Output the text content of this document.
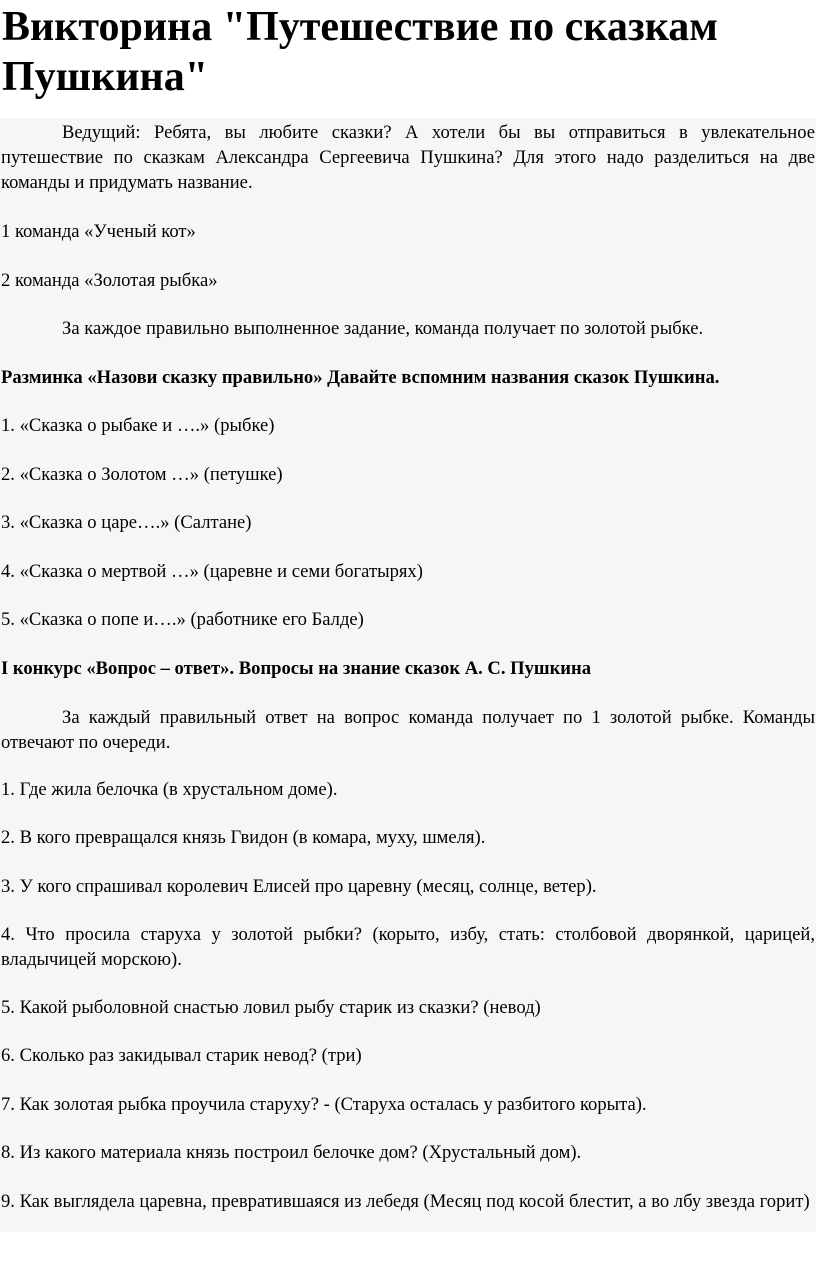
Викторина "Путешествие по сказкам Пушкина"

Ведущий: Ребята, вы любите сказки? А хотели бы вы отправиться в увлекательное путешествие по сказкам Александра Сергеевича Пушкина? Для этого надо разделиться на две команды и придумать название.

1 команда «Ученый кот»

2 команда «Золотая рыбка»

За каждое правильно выполненное задание, команда получает по золотой рыбке.

Разминка «Назови сказку правильно» Давайте вспомним названия сказок Пушкина.

1. «Сказка о рыбаке и ….» (рыбке)

2. «Сказка о Золотом …» (петушке)

3. «Сказка о царе….» (Салтане)

4. «Сказка о мертвой …» (царевне и семи богатырях)

5. «Сказка о попе и….» (работнике его Балде)

I конкурс «Вопрос – ответ». Вопросы на знание сказок А. С. Пушкина

За каждый правильный ответ на вопрос команда получает по 1 золотой рыбке. Команды отвечают по очереди.

1. Где жила белочка (в хрустальном доме).

2. В кого превращался князь Гвидон (в комара, муху, шмеля).

3. У кого спрашивал королевич Елисей про царевну (месяц, солнце, ветер).

4. Что просила старуха у золотой рыбки? (корыто, избу, стать: столбовой дворянкой, царицей, владычицей морскою).

5. Какой рыболовной снастью ловил рыбу старик из сказки? (невод)

6. Сколько раз закидывал старик невод? (три)

7. Как золотая рыбка проучила старуху? - (Старуха осталась у разбитого корыта).

8. Из какого материала князь построил белочке дом? (Хрустальный дом).

9. Как выглядела царевна, превратившаяся из лебедя (Месяц под косой блестит, а во лбу звезда горит)
